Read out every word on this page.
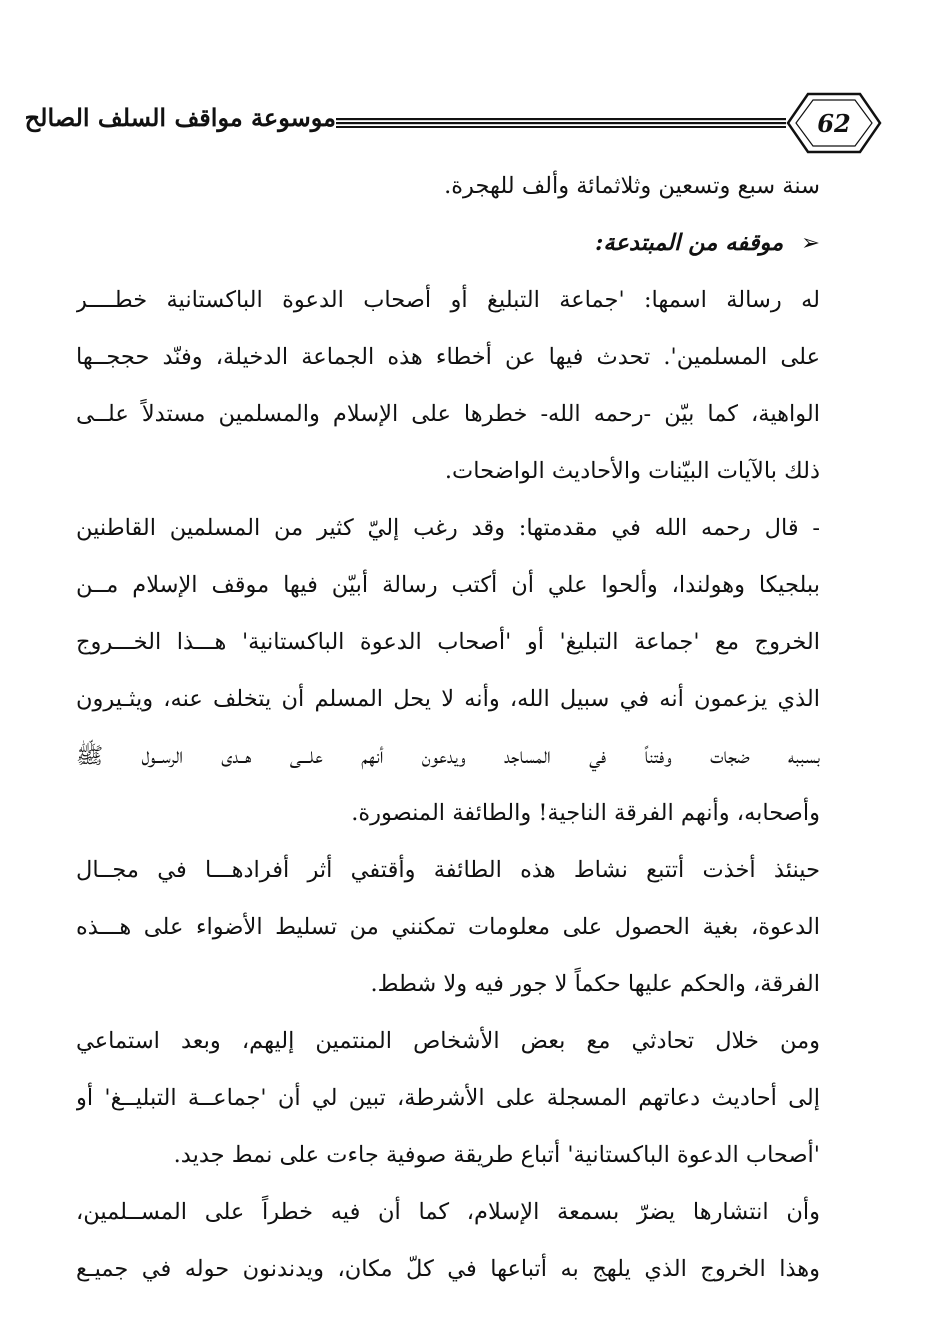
موسوعة مواقف السلف الصالح	62
سنة سبع وتسعين وثلاثمائة وألف للهجرة.
➢موقفه من المبتدعة:
له رسالة اسمها: 'جماعة التبليغ أو أصحاب الدعوة الباكستانية خطــــر
على المسلمين'. تحدث فيها عن أخطاء هذه الجماعة الدخيلة، وفنّد حججــها
الواهية، كما بيّن -رحمه الله- خطرها على الإسلام والمسلمين مستدلاً علــى
ذلك بالآيات البيّنات والأحاديث الواضحات.
- قال رحمه الله في مقدمتها: وقد رغب إليّ كثير من المسلمين القاطنين
ببلجيكا وهولندا، وألحوا علي أن أكتب رسالة أبيّن فيها موقف الإسلام مــن
الخروج مع 'جماعة التبليغ' أو 'أصحاب الدعوة الباكستانية' هـــذا الخـــروج
الذي يزعمون أنه في سبيل الله، وأنه لا يحل المسلم أن يتخلف عنه، ويثـيرون
بسببه ضجات وفتناً في المساجد ويدعون أنهم علـــى هــدى الرســول ﷺ
وأصحابه، وأنهم الفرقة الناجية! والطائفة المنصورة.
حينئذ أخذت أتتبع نشاط هذه الطائفة وأقتفي أثر أفرادهـــا في مجــال
الدعوة، بغية الحصول على معلومات تمكنني من تسليط الأضواء على هـــذه
الفرقة، والحكم عليها حكماً لا جور فيه ولا شطط.
ومن خلال تحادثي مع بعض الأشخاص المنتمين إليهم، وبعد استماعي
إلى أحاديث دعاتهم المسجلة على الأشرطة، تبين لي أن 'جماعــة التبليــغ' أو
'أصحاب الدعوة الباكستانية' أتباع طريقة صوفية جاءت على نمط جديد.
وأن انتشارها يضرّ بسمعة الإسلام، كما أن فيه خطراً على المســلمين،
وهذا الخروج الذي يلهج به أتباعها في كلّ مكان، ويدندنون حوله في جميـع
